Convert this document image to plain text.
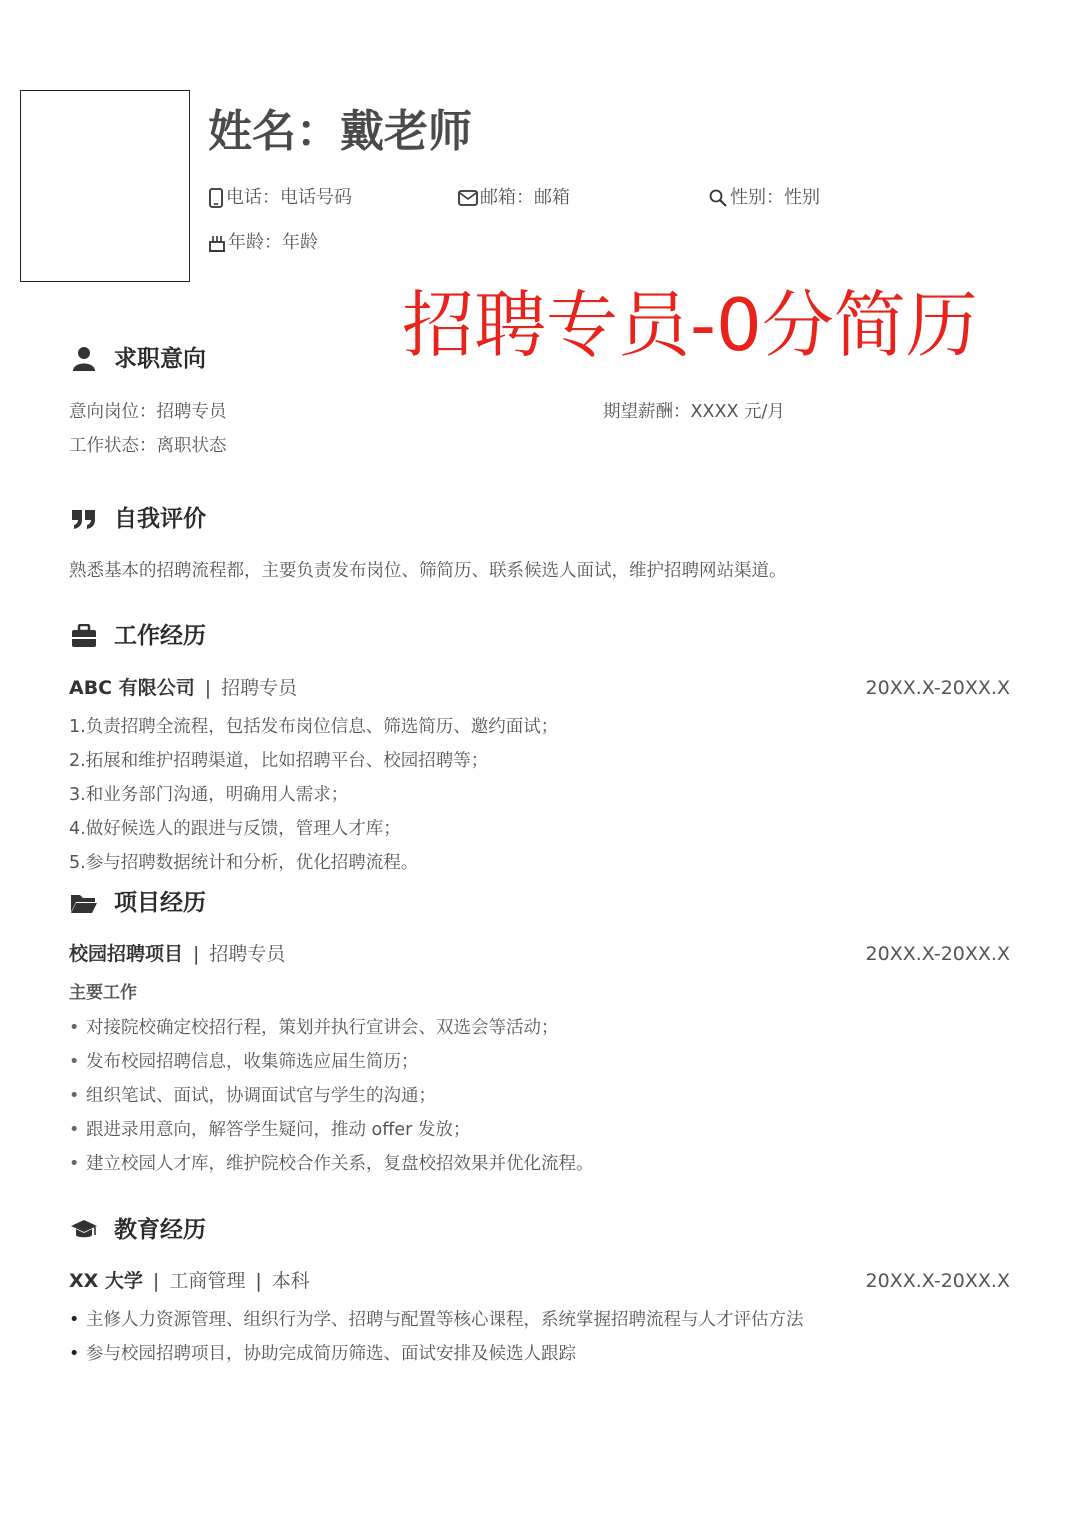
姓名：戴老师
电话：电话号码	邮箱：邮箱	性别：性别
年龄：年龄
招聘专员-0分简历
求职意向
意向岗位：招聘专员	期望薪酬：XXXX 元/月
工作状态：离职状态
自我评价
熟悉基本的招聘流程都，主要负责发布岗位、筛简历、联系候选人面试，维护招聘网站渠道。
工作经历
ABC 有限公司 | 招聘专员	20XX.X-20XX.X
1.负责招聘全流程，包括发布岗位信息、筛选简历、邀约面试；
2.拓展和维护招聘渠道，比如招聘平台、校园招聘等；
3.和业务部门沟通，明确用人需求；
4.做好候选人的跟进与反馈，管理人才库；
5.参与招聘数据统计和分析，优化招聘流程。
项目经历
校园招聘项目 | 招聘专员	20XX.X-20XX.X
主要工作
• 对接院校确定校招行程，策划并执行宣讲会、双选会等活动；
• 发布校园招聘信息，收集筛选应届生简历；
• 组织笔试、面试，协调面试官与学生的沟通；
• 跟进录用意向，解答学生疑问，推动 offer 发放；
• 建立校园人才库，维护院校合作关系，复盘校招效果并优化流程。
教育经历
XX 大学 | 工商管理 | 本科	20XX.X-20XX.X
• 主修人力资源管理、组织行为学、招聘与配置等核心课程，系统掌握招聘流程与人才评估方法
• 参与校园招聘项目，协助完成简历筛选、面试安排及候选人跟踪
